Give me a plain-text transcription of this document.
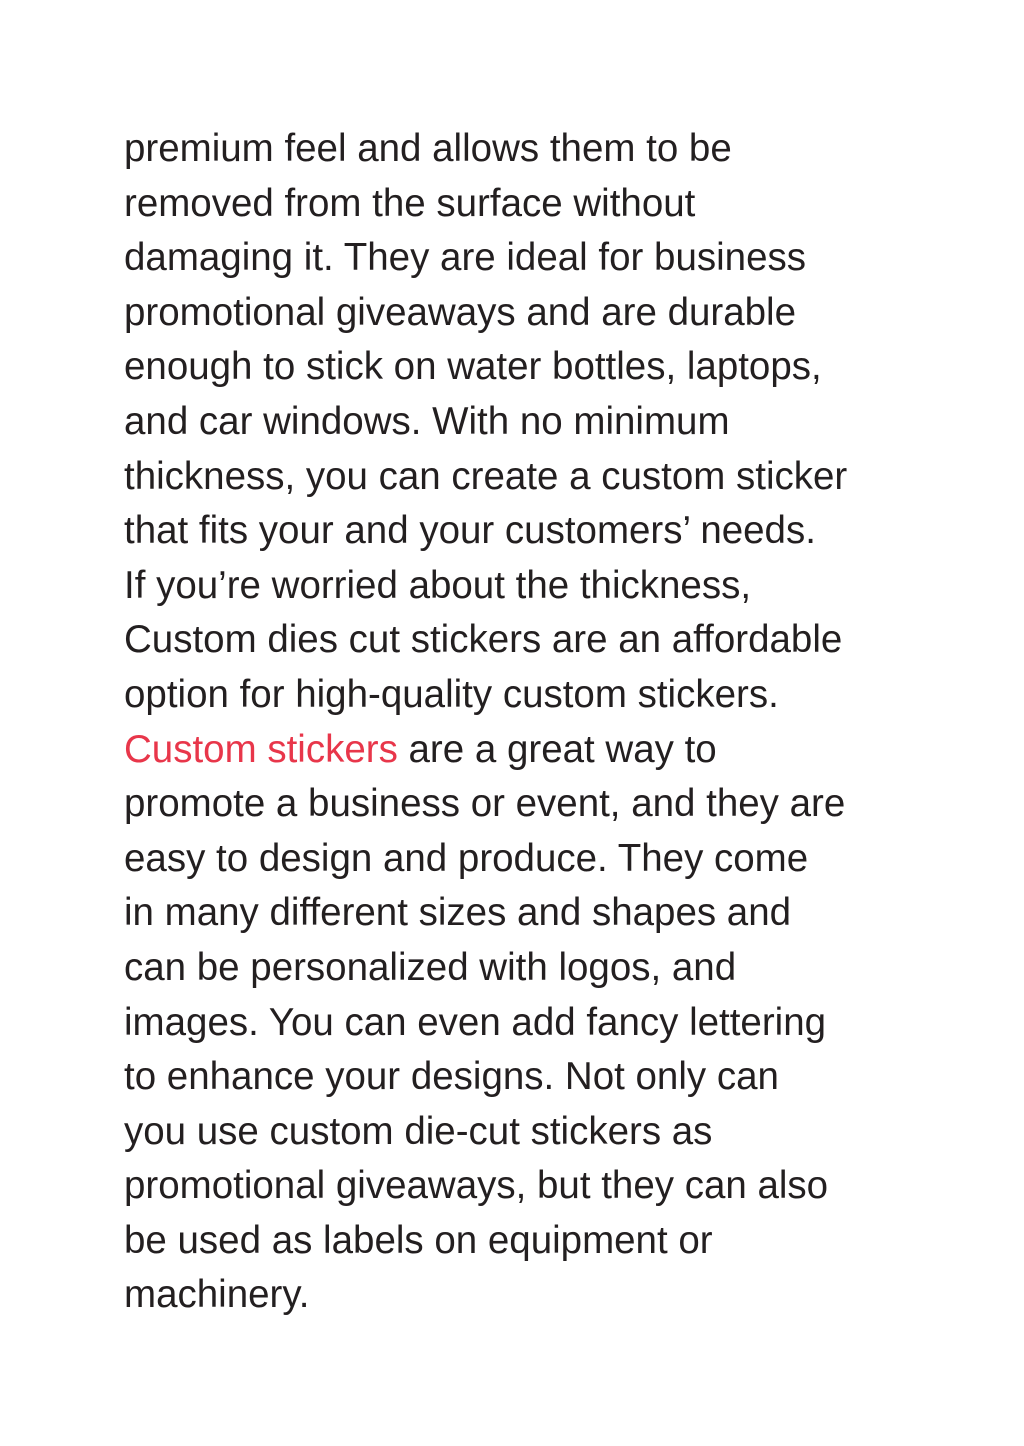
premium feel and allows them to be
removed from the surface without
damaging it. They are ideal for business
promotional giveaways and are durable
enough to stick on water bottles, laptops,
and car windows. With no minimum
thickness, you can create a custom sticker
that fits your and your customers’ needs.
If you’re worried about the thickness,
Custom dies cut stickers are an affordable
option for high-quality custom stickers.
Custom stickers are a great way to
promote a business or event, and they are
easy to design and produce. They come
in many different sizes and shapes and
can be personalized with logos, and
images. You can even add fancy lettering
to enhance your designs. Not only can
you use custom die-cut stickers as
promotional giveaways, but they can also
be used as labels on equipment or
machinery.
